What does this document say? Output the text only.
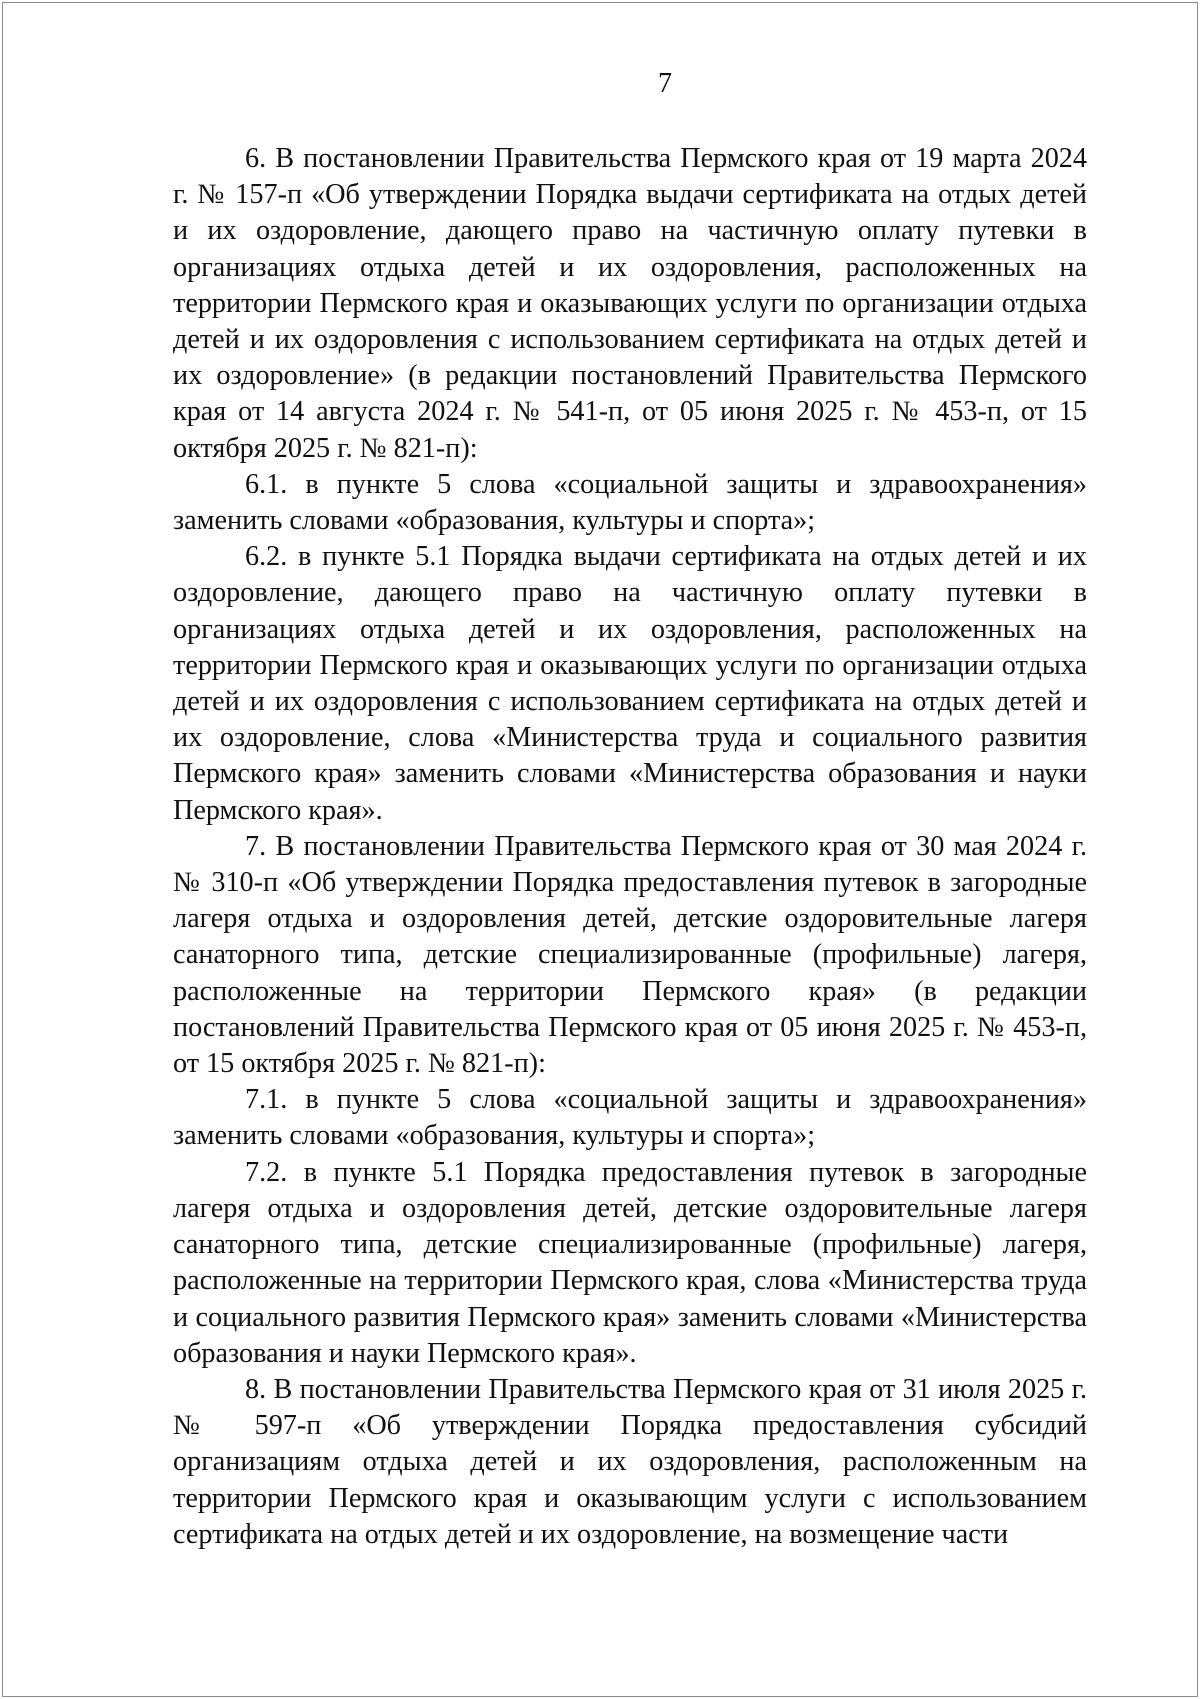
7

6. В постановлении Правительства Пермского края от 19 марта 2024 г. № 157-п «Об утверждении Порядка выдачи сертификата на отдых детей и их оздоровление, дающего право на частичную оплату путевки в организациях отдыха детей и их оздоровления, расположенных на территории Пермского края и оказывающих услуги по организации отдыха детей и их оздоровления с использованием сертификата на отдых детей и их оздоровление» (в редакции постановлений Правительства Пермского края от 14 августа 2024 г. № 541-п, от 05 июня 2025 г. № 453-п, от 15 октября 2025 г. № 821-п):

6.1. в пункте 5 слова «социальной защиты и здравоохранения» заменить словами «образования, культуры и спорта»;

6.2. в пункте 5.1 Порядка выдачи сертификата на отдых детей и их оздоровление, дающего право на частичную оплату путевки в организациях отдыха детей и их оздоровления, расположенных на территории Пермского края и оказывающих услуги по организации отдыха детей и их оздоровления с использованием сертификата на отдых детей и их оздоровление, слова «Министерства труда и социального развития Пермского края» заменить словами «Министерства образования и науки Пермского края».

7. В постановлении Правительства Пермского края от 30 мая 2024 г. № 310-п «Об утверждении Порядка предоставления путевок в загородные лагеря отдыха и оздоровления детей, детские оздоровительные лагеря санаторного типа, детские специализированные (профильные) лагеря, расположенные на территории Пермского края» (в редакции постановлений Правительства Пермского края от 05 июня 2025 г. № 453-п, от 15 октября 2025 г. № 821-п):

7.1. в пункте 5 слова «социальной защиты и здравоохранения» заменить словами «образования, культуры и спорта»;

7.2. в пункте 5.1 Порядка предоставления путевок в загородные лагеря отдыха и оздоровления детей, детские оздоровительные лагеря санаторного типа, детские специализированные (профильные) лагеря, расположенные на территории Пермского края, слова «Министерства труда и социального развития Пермского края» заменить словами «Министерства образования и науки Пермского края».

8. В постановлении Правительства Пермского края от 31 июля 2025 г. № 597-п «Об утверждении Порядка предоставления субсидий организациям отдыха детей и их оздоровления, расположенным на территории Пермского края и оказывающим услуги с использованием сертификата на отдых детей и их оздоровление, на возмещение части
